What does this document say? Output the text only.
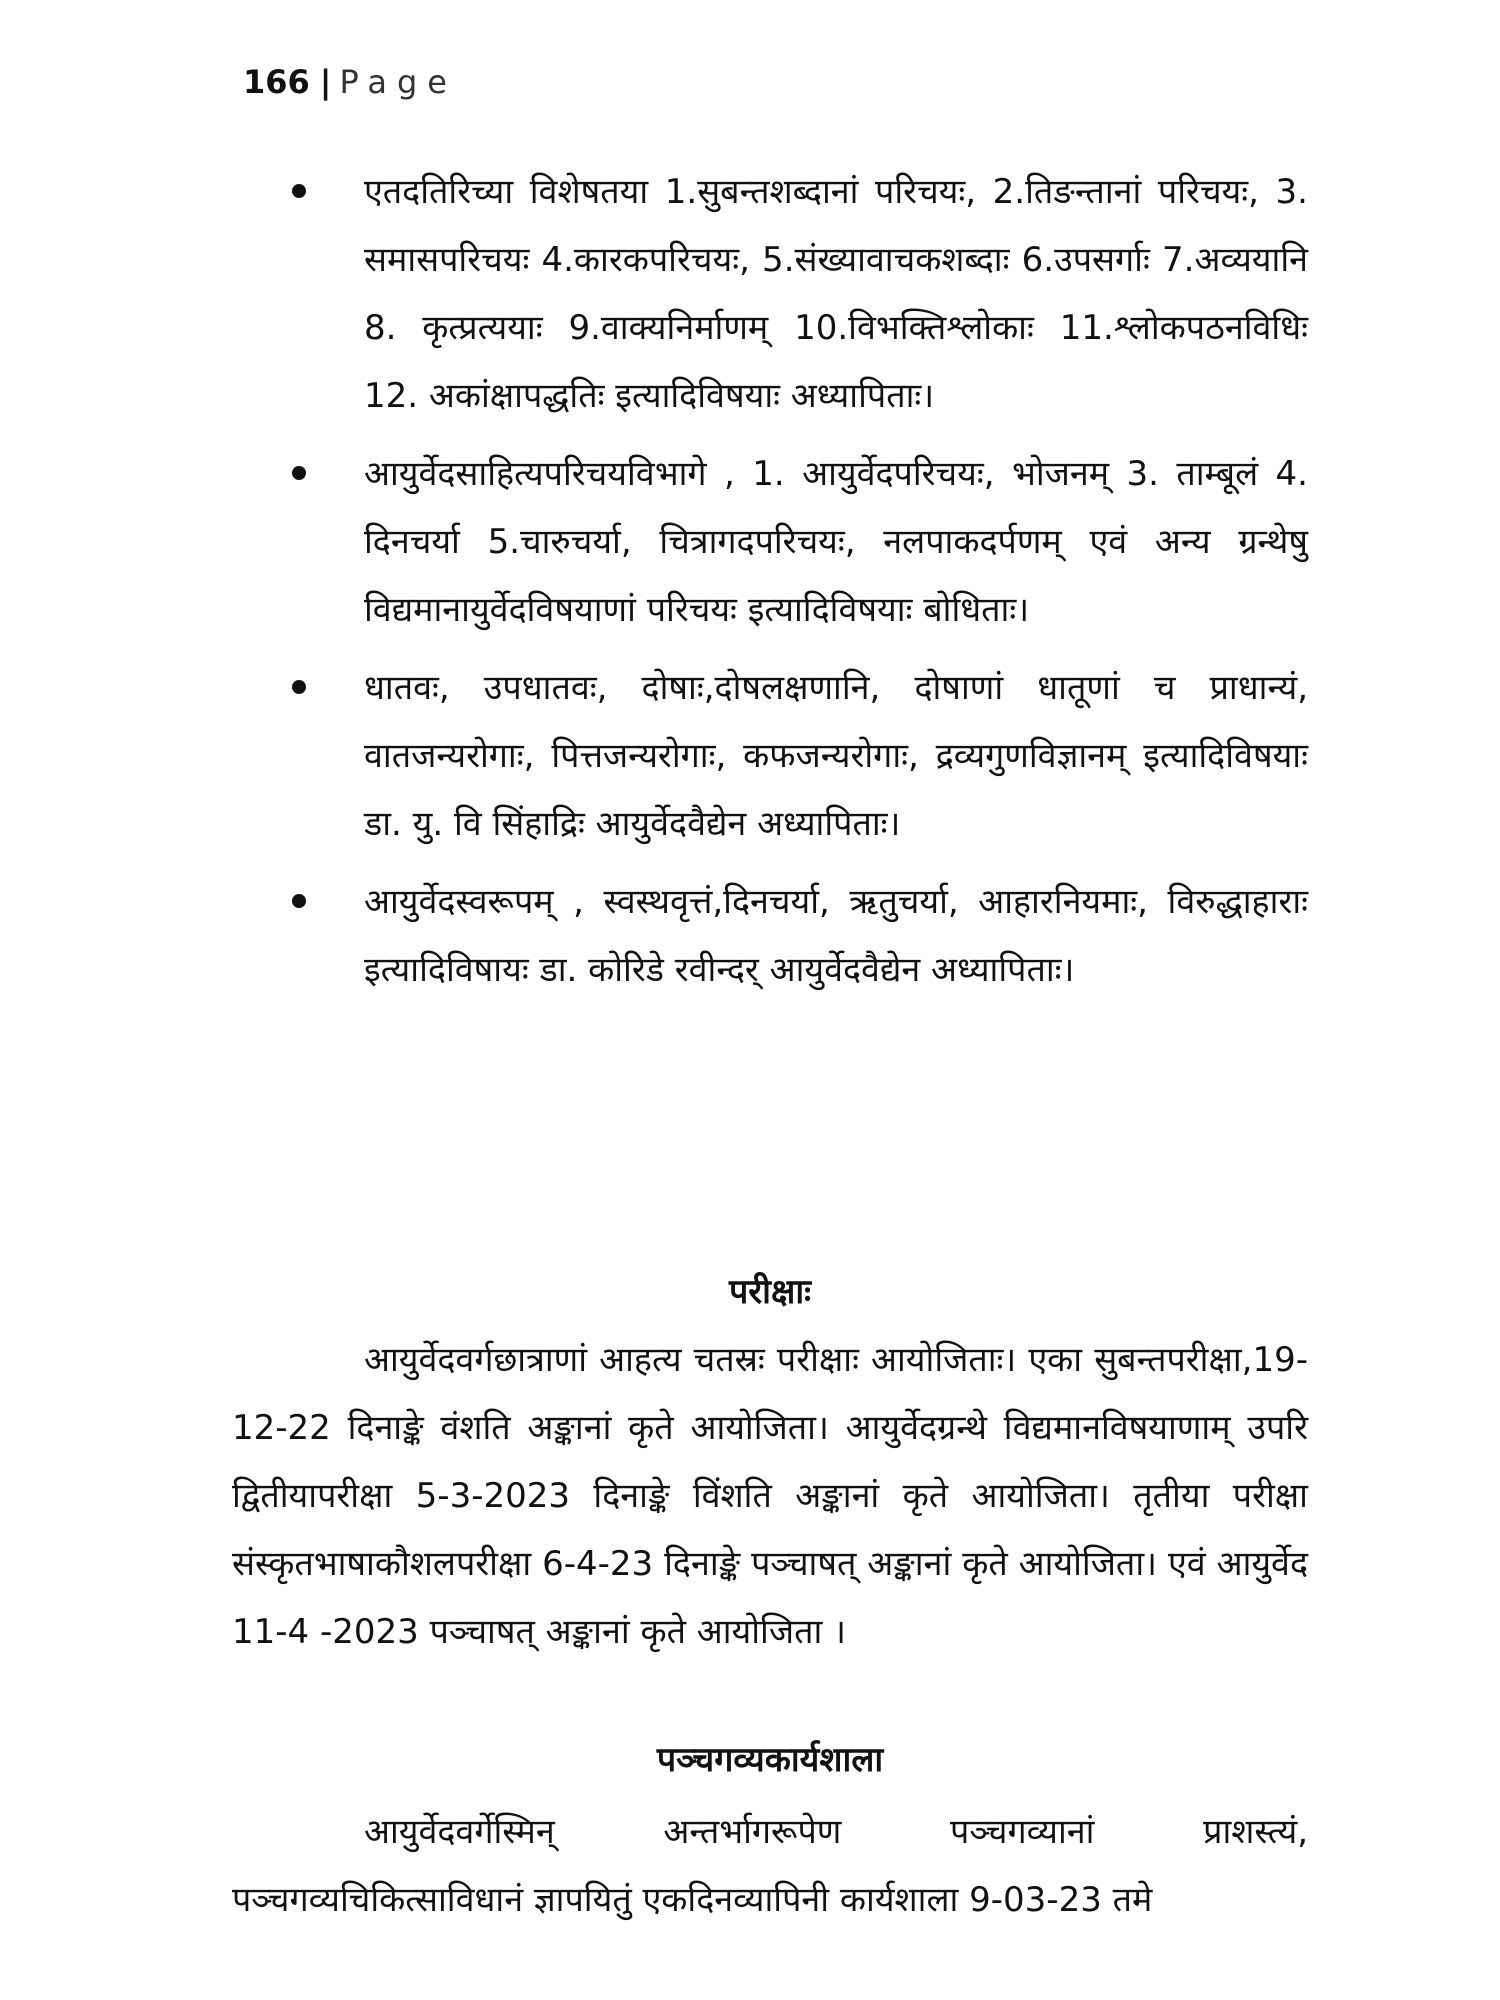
166 | Page
एतदतिरिच्या विशेषतया 1.सुबन्तशब्दानां परिचयः, 2.तिङन्तानां परिचयः, 3. समासपरिचयः 4.कारकपरिचयः, 5.संख्यावाचकशब्दाः 6.उपसर्गाः 7.अव्ययानि 8. कृत्प्रत्ययाः 9.वाक्यनिर्माणम् 10.विभक्तिश्लोकाः 11.श्लोकपठनविधिः 12. अकांक्षापद्धतिः इत्यादिविषयाः अध्यापिताः।
आयुर्वेदसाहित्यपरिचयविभागे , 1. आयुर्वेदपरिचयः, भोजनम् 3. ताम्बूलं 4. दिनचर्या 5.चारुचर्या, चित्रागदपरिचयः, नलपाकदर्पणम् एवं अन्य ग्रन्थेषु विद्यमानायुर्वेदविषयाणां परिचयः इत्यादिविषयाः बोधिताः।
धातवः, उपधातवः, दोषाः,दोषलक्षणानि, दोषाणां धातूणां च प्राधान्यं, वातजन्यरोगाः, पित्तजन्यरोगाः, कफजन्यरोगाः, द्रव्यगुणविज्ञानम् इत्यादिविषयाः डा. यु. वि सिंहाद्रिः आयुर्वेदवैद्येन अध्यापिताः।
आयुर्वेदस्वरूपम् , स्वस्थवृत्तं,दिनचर्या, ऋतुचर्या, आहारनियमाः, विरुद्धाहाराः इत्यादिविषायः डा. कोरिडे रवीन्दर् आयुर्वेदवैद्येन अध्यापिताः।
परीक्षाः
आयुर्वेदवर्गछात्राणां आहत्य चतस्रः परीक्षाः आयोजिताः। एका सुबन्तपरीक्षा,19-12-22 दिनाङ्के वंशति अङ्कानां कृते आयोजिता। आयुर्वेदग्रन्थे विद्यमानविषयाणाम् उपरि द्वितीयापरीक्षा 5-3-2023 दिनाङ्के विंशति अङ्कानां कृते आयोजिता। तृतीया परीक्षा संस्कृतभाषाकौशलपरीक्षा 6-4-23 दिनाङ्के पञ्चाषत् अङ्कानां कृते आयोजिता। एवं आयुर्वेद 11-4 -2023 पञ्चाषत् अङ्कानां कृते आयोजिता ।
पञ्चगव्यकार्यशाला
आयुर्वेदवर्गेस्मिन् अन्तर्भागरूपेण पञ्चगव्यानां प्राशस्त्यं, पञ्चगव्यचिकित्साविधानं ज्ञापयितुं एकदिनव्यापिनी कार्यशाला 9-03-23 तमे
